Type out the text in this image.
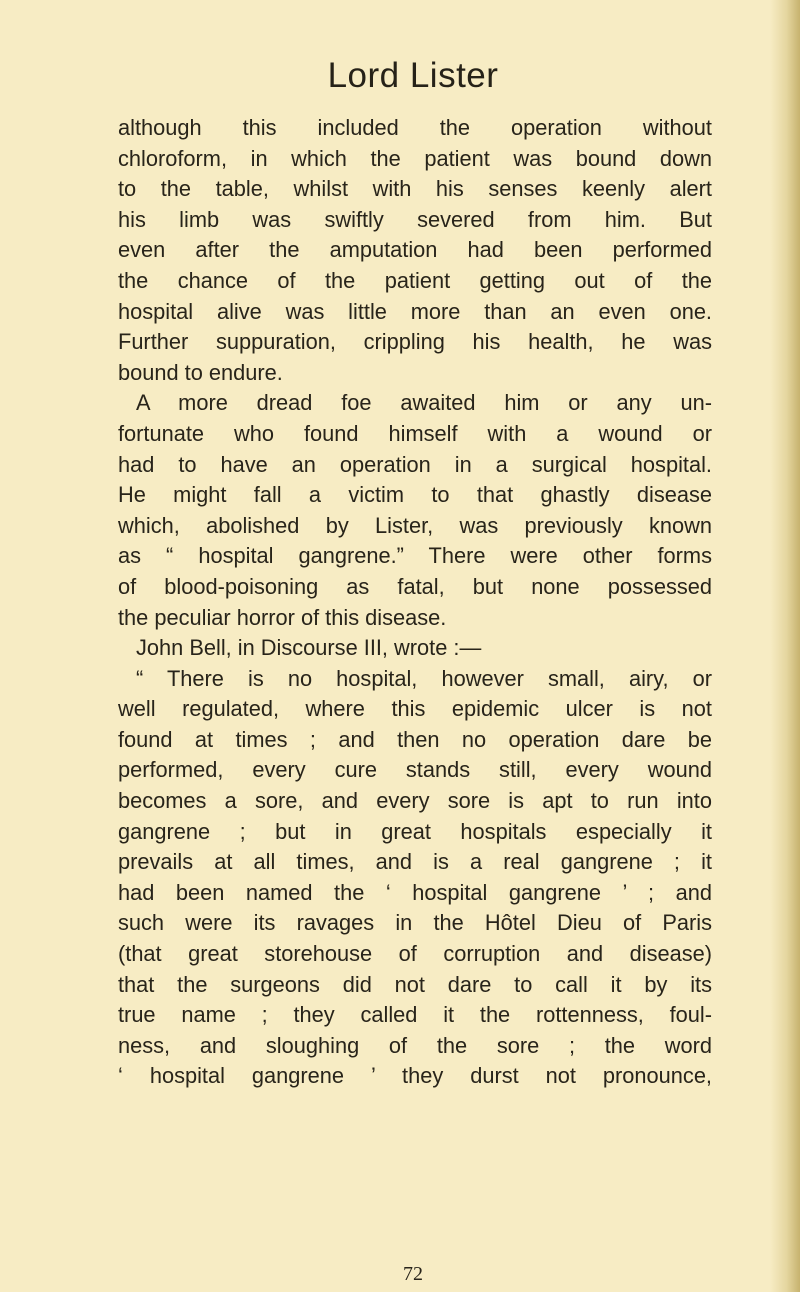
Lord Lister
although this included the operation without
chloroform, in which the patient was bound down
to the table, whilst with his senses keenly alert
his limb was swiftly severed from him. But
even after the amputation had been performed
the chance of the patient getting out of the
hospital alive was little more than an even one.
Further suppuration, crippling his health, he was
bound to endure.
A more dread foe awaited him or any un-
fortunate who found himself with a wound or
had to have an operation in a surgical hospital.
He might fall a victim to that ghastly disease
which, abolished by Lister, was previously known
as “ hospital gangrene.” There were other forms
of blood-poisoning as fatal, but none possessed
the peculiar horror of this disease.
John Bell, in Discourse III, wrote :—
“ There is no hospital, however small, airy, or
well regulated, where this epidemic ulcer is not
found at times ; and then no operation dare be
performed, every cure stands still, every wound
becomes a sore, and every sore is apt to run into
gangrene ; but in great hospitals especially it
prevails at all times, and is a real gangrene ; it
had been named the ‘ hospital gangrene ’ ; and
such were its ravages in the Hôtel Dieu of Paris
(that great storehouse of corruption and disease)
that the surgeons did not dare to call it by its
true name ; they called it the rottenness, foul-
ness, and sloughing of the sore ; the word
‘ hospital gangrene ’ they durst not pronounce,
72
